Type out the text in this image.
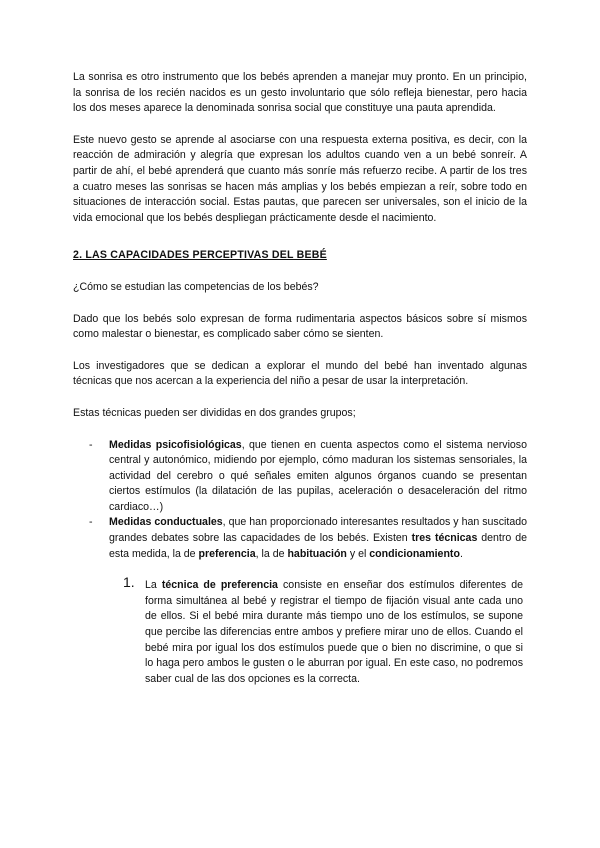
La sonrisa es otro instrumento que los bebés aprenden a manejar muy pronto. En un principio, la sonrisa de los recién nacidos es un gesto involuntario que sólo refleja bienestar, pero hacia los dos meses aparece la denominada sonrisa social que constituye una pauta aprendida.

Este nuevo gesto se aprende al asociarse con una respuesta externa positiva, es decir, con la reacción de admiración y alegría que expresan los adultos cuando ven a un bebé sonreír. A partir de ahí, el bebé aprenderá que cuanto más sonríe más refuerzo recibe. A partir de los tres a cuatro meses las sonrisas se hacen más amplias y los bebés empiezan a reír, sobre todo en situaciones de interacción social. Estas pautas, que parecen ser universales, son el inicio de la vida emocional que los bebés despliegan prácticamente desde el nacimiento.

2. LAS CAPACIDADES PERCEPTIVAS DEL BEBÉ

¿Cómo se estudian las competencias de los bebés?

Dado que los bebés solo expresan de forma rudimentaria aspectos básicos sobre sí mismos como malestar o bienestar, es complicado saber cómo se sienten.

Los investigadores que se dedican a explorar el mundo del bebé han inventado algunas técnicas que nos acercan a la experiencia del niño a pesar de usar la interpretación.

Estas técnicas pueden ser divididas en dos grandes grupos;

- Medidas psicofisiológicas, que tienen en cuenta aspectos como el sistema nervioso central y autonómico, midiendo por ejemplo, cómo maduran los sistemas sensoriales, la actividad del cerebro o qué señales emiten algunos órganos cuando se presentan ciertos estímulos (la dilatación de las pupilas, aceleración o desaceleración del ritmo cardiaco…)
- Medidas conductuales, que han proporcionado interesantes resultados y han suscitado grandes debates sobre las capacidades de los bebés. Existen tres técnicas dentro de esta medida, la de preferencia, la de habituación y el condicionamiento.
1. La técnica de preferencia consiste en enseñar dos estímulos diferentes de forma simultánea al bebé y registrar el tiempo de fijación visual ante cada uno de ellos. Si el bebé mira durante más tiempo uno de los estímulos, se supone que percibe las diferencias entre ambos y prefiere mirar uno de ellos. Cuando el bebé mira por igual los dos estímulos puede que o bien no discrimine, o que si lo haga pero ambos le gusten o le aburran por igual. En este caso, no podremos saber cual de las dos opciones es la correcta.
